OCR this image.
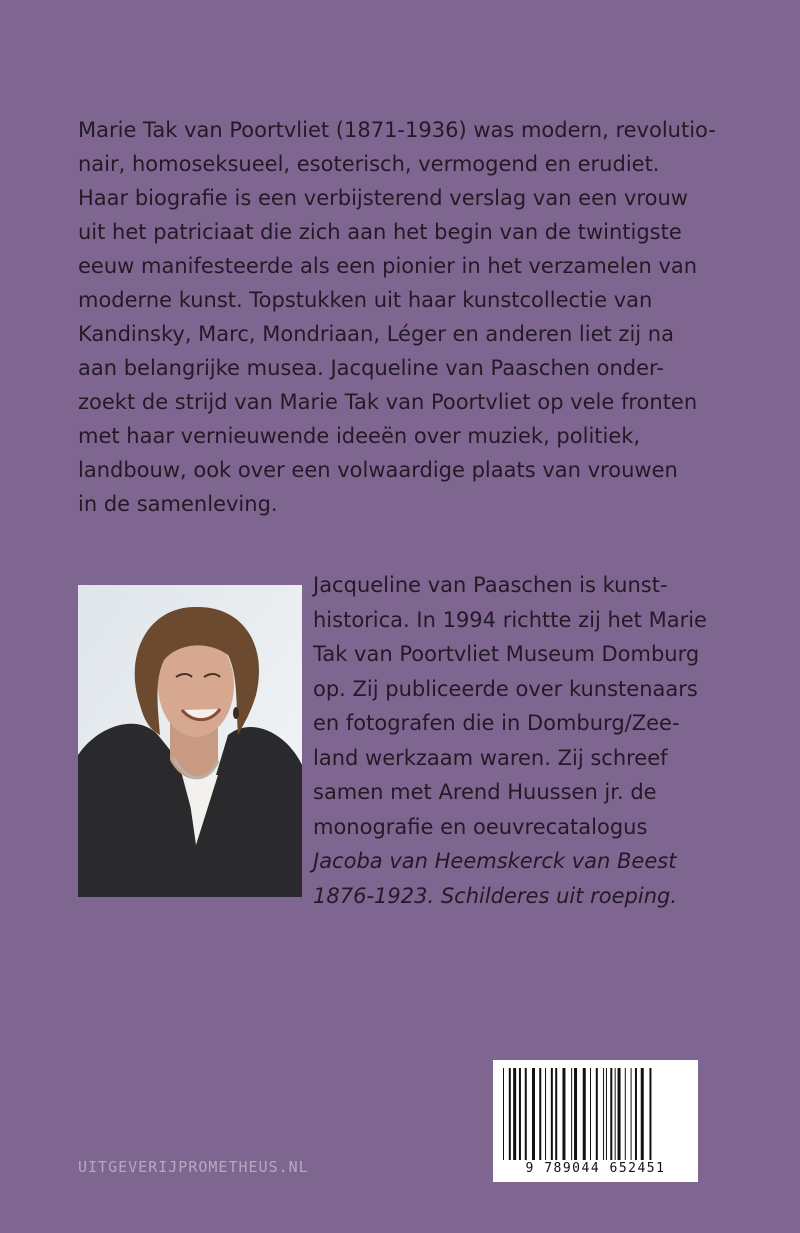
Marie Tak van Poortvliet (1871-1936) was modern, revolutio-
nair, homoseksueel, esoterisch, vermogend en erudiet.
Haar biografie is een verbijsterend verslag van een vrouw
uit het patriciaat die zich aan het begin van de twintigste
eeuw manifesteerde als een pionier in het verzamelen van
moderne kunst. Topstukken uit haar kunstcollectie van
Kandinsky, Marc, Mondriaan, Léger en anderen liet zij na
aan belangrijke musea. Jacqueline van Paaschen onder-
zoekt de strijd van Marie Tak van Poortvliet op vele fronten
met haar vernieuwende ideeën over muziek, politiek,
landbouw, ook over een volwaardige plaats van vrouwen
in de samenleving.

Jacqueline van Paaschen is kunst-
historica. In 1994 richtte zij het Marie
Tak van Poortvliet Museum Domburg
op. Zij publiceerde over kunstenaars
en fotografen die in Domburg/Zee-
land werkzaam waren. Zij schreef
samen met Arend Huussen jr. de
monografie en oeuvrecatalogus
Jacoba van Heemskerck van Beest
1876-1923. Schilderes uit roeping.

9 789044 652451
UITGEVERIJPROMETHEUS.NL
